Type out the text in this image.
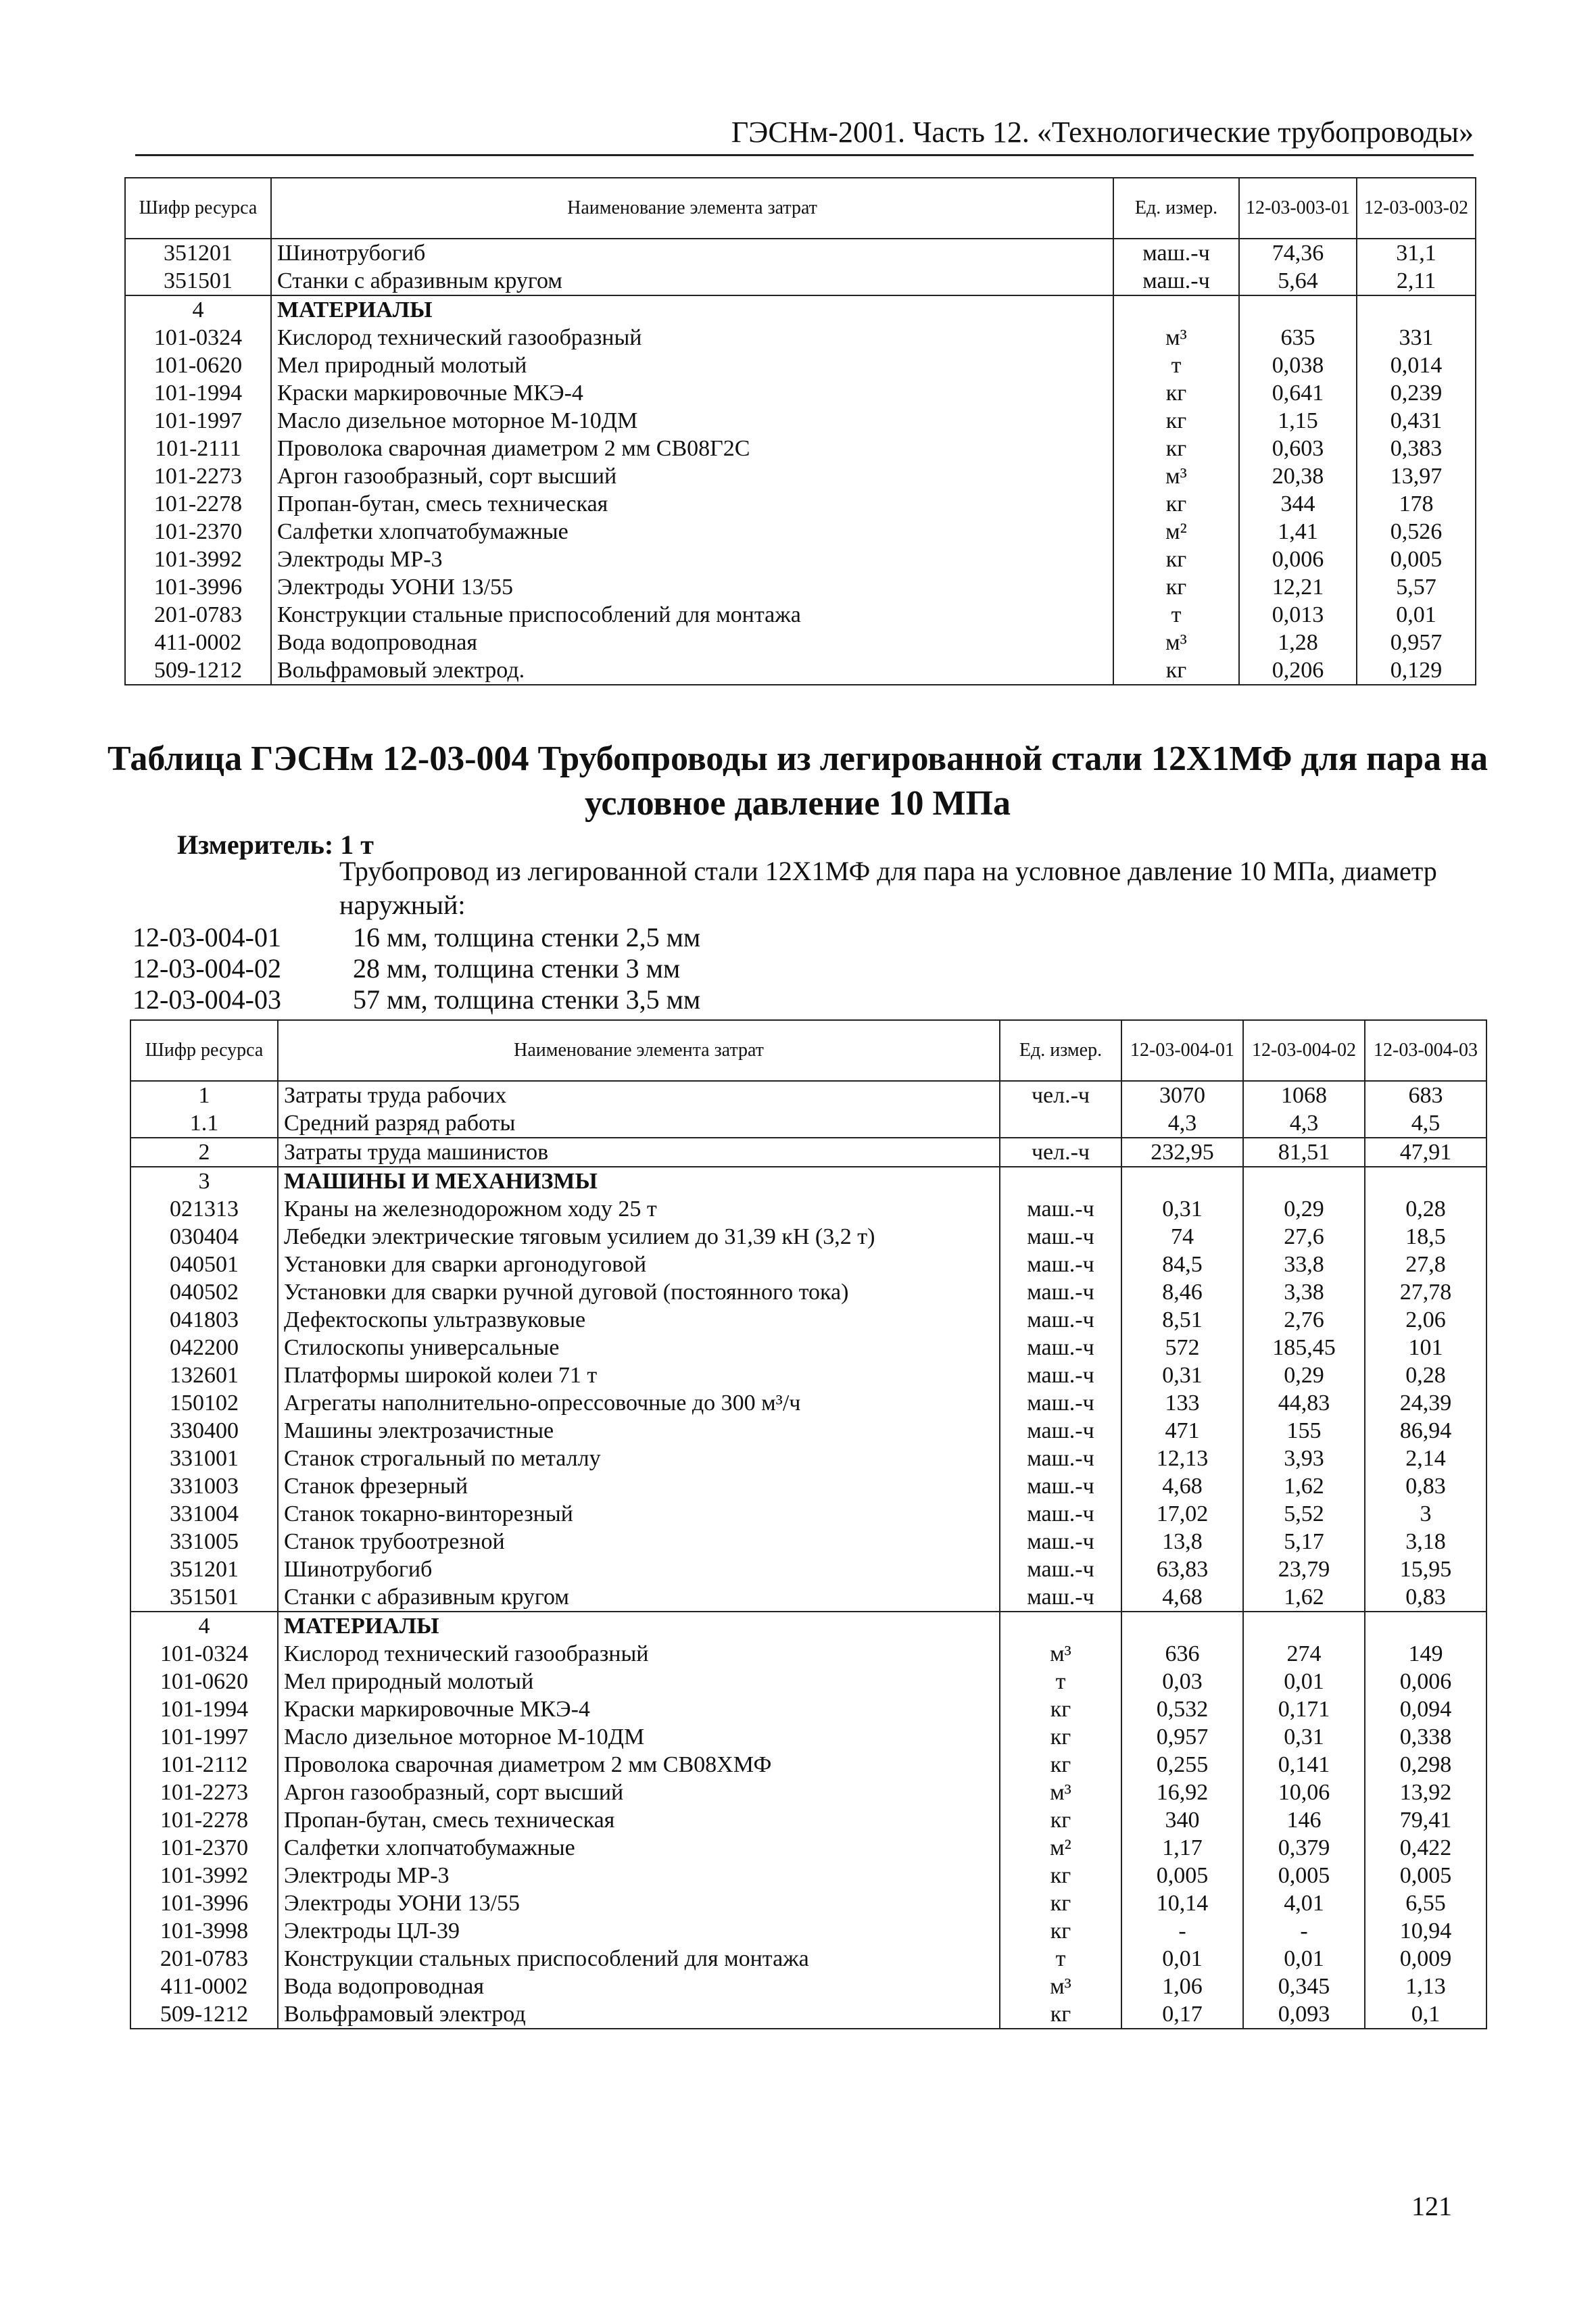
ГЭСНм-2001. Часть 12. «Технологические трубопроводы»
Шифр ресурса	Наименование элемента затрат	Ед. измер.	12-03-003-01	12-03-003-02
351201	Шинотрубогиб	маш.-ч	74,36	31,1
351501	Станки с абразивным кругом	маш.-ч	5,64	2,11
4	МАТЕРИАЛЫ			
101-0324	Кислород технический газообразный	м³	635	331
101-0620	Мел природный молотый	т	0,038	0,014
101-1994	Краски маркировочные МКЭ-4	кг	0,641	0,239
101-1997	Масло дизельное моторное М-10ДМ	кг	1,15	0,431
101-2111	Проволока сварочная диаметром 2 мм СВ08Г2С	кг	0,603	0,383
101-2273	Аргон газообразный, сорт высший	м³	20,38	13,97
101-2278	Пропан-бутан, смесь техническая	кг	344	178
101-2370	Салфетки хлопчатобумажные	м²	1,41	0,526
101-3992	Электроды МР-3	кг	0,006	0,005
101-3996	Электроды УОНИ 13/55	кг	12,21	5,57
201-0783	Конструкции стальные приспособлений для монтажа	т	0,013	0,01
411-0002	Вода водопроводная	м³	1,28	0,957
509-1212	Вольфрамовый электрод.	кг	0,206	0,129
Таблица ГЭСНм 12-03-004 Трубопроводы из легированной стали 12Х1МФ для пара на условное давление 10 МПа
Измеритель: 1 т
Трубопровод из легированной стали 12Х1МФ для пара на условное давление 10 МПа, диаметр наружный:
12-03-004-01	16 мм, толщина стенки 2,5 мм
12-03-004-02	28 мм, толщина стенки 3 мм
12-03-004-03	57 мм, толщина стенки 3,5 мм
Шифр ресурса	Наименование элемента затрат	Ед. измер.	12-03-004-01	12-03-004-02	12-03-004-03
1	Затраты труда рабочих	чел.-ч	3070	1068	683
1.1	Средний разряд работы		4,3	4,3	4,5
2	Затраты труда машинистов	чел.-ч	232,95	81,51	47,91
3	МАШИНЫ И МЕХАНИЗМЫ				
021313	Краны на железнодорожном ходу 25 т	маш.-ч	0,31	0,29	0,28
030404	Лебедки электрические тяговым усилием до 31,39 кН (3,2 т)	маш.-ч	74	27,6	18,5
040501	Установки для сварки аргонодуговой	маш.-ч	84,5	33,8	27,8
040502	Установки для сварки ручной дуговой (постоянного тока)	маш.-ч	8,46	3,38	27,78
041803	Дефектоскопы ультразвуковые	маш.-ч	8,51	2,76	2,06
042200	Стилоскопы универсальные	маш.-ч	572	185,45	101
132601	Платформы широкой колеи 71 т	маш.-ч	0,31	0,29	0,28
150102	Агрегаты наполнительно-опрессовочные до 300 м³/ч	маш.-ч	133	44,83	24,39
330400	Машины электрозачистные	маш.-ч	471	155	86,94
331001	Станок строгальный по металлу	маш.-ч	12,13	3,93	2,14
331003	Станок фрезерный	маш.-ч	4,68	1,62	0,83
331004	Станок токарно-винторезный	маш.-ч	17,02	5,52	3
331005	Станок трубоотрезной	маш.-ч	13,8	5,17	3,18
351201	Шинотрубогиб	маш.-ч	63,83	23,79	15,95
351501	Станки с абразивным кругом	маш.-ч	4,68	1,62	0,83
4	МАТЕРИАЛЫ				
101-0324	Кислород технический газообразный	м³	636	274	149
101-0620	Мел природный молотый	т	0,03	0,01	0,006
101-1994	Краски маркировочные МКЭ-4	кг	0,532	0,171	0,094
101-1997	Масло дизельное моторное М-10ДМ	кг	0,957	0,31	0,338
101-2112	Проволока сварочная диаметром 2 мм СВ08ХМФ	кг	0,255	0,141	0,298
101-2273	Аргон газообразный, сорт высший	м³	16,92	10,06	13,92
101-2278	Пропан-бутан, смесь техническая	кг	340	146	79,41
101-2370	Салфетки хлопчатобумажные	м²	1,17	0,379	0,422
101-3992	Электроды МР-3	кг	0,005	0,005	0,005
101-3996	Электроды УОНИ 13/55	кг	10,14	4,01	6,55
101-3998	Электроды ЦЛ-39	кг	-	-	10,94
201-0783	Конструкции стальных приспособлений для монтажа	т	0,01	0,01	0,009
411-0002	Вода водопроводная	м³	1,06	0,345	1,13
509-1212	Вольфрамовый электрод	кг	0,17	0,093	0,1
121
